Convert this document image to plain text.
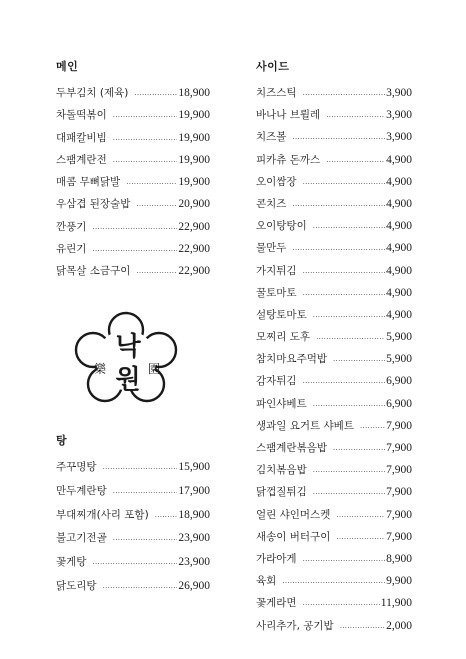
메인
두부김치 (제육) .....	18,900
차돌떡볶이 .....	19,900
대패칼비빔 .....	19,900
스팸계란전 .....	19,900
매콤 무뼈닭발 .....	19,900
우삼겹 된장술밥 .....	20,900
깐풍기 .....	22,900
유린기 .....	22,900
닭목살 소금구이 .....	22,900
낙
원
樂	園
탕
주꾸명탕 .....	15,900
만두계란탕 .....	17,900
부대찌개(사리 포함) .....	18,900
불고기전골 .....	23,900
꽃게탕 .....	23,900
닭도리탕 .....	26,900
사이드
치즈스틱 .....	3,900
바나나 브륄레 .....	3,900
치즈볼 .....	3,900
피카츄 돈까스 .....	4,900
오이쌈장 .....	4,900
콘치즈 .....	4,900
오이탕탕이 .....	4,900
물만두 .....	4,900
가지튀김 .....	4,900
꿀토마토 .....	4,900
설탕토마토 .....	4,900
모찌리 도후 .....	5,900
참치마요주먹밥 .....	5,900
감자튀김 .....	6,900
파인샤베트 .....	6,900
생과일 요거트 샤베트 .....	7,900
스팸계란볶음밥 .....	7,900
김치볶음밥 .....	7,900
닭껍질튀김 .....	7,900
얼린 샤인머스켓 .....	7,900
새송이 버터구이 .....	7,900
가라아게 .....	8,900
육회 .....	9,900
꽃게라면 .....	11,900
사리추가, 공기밥 .....	2,000
